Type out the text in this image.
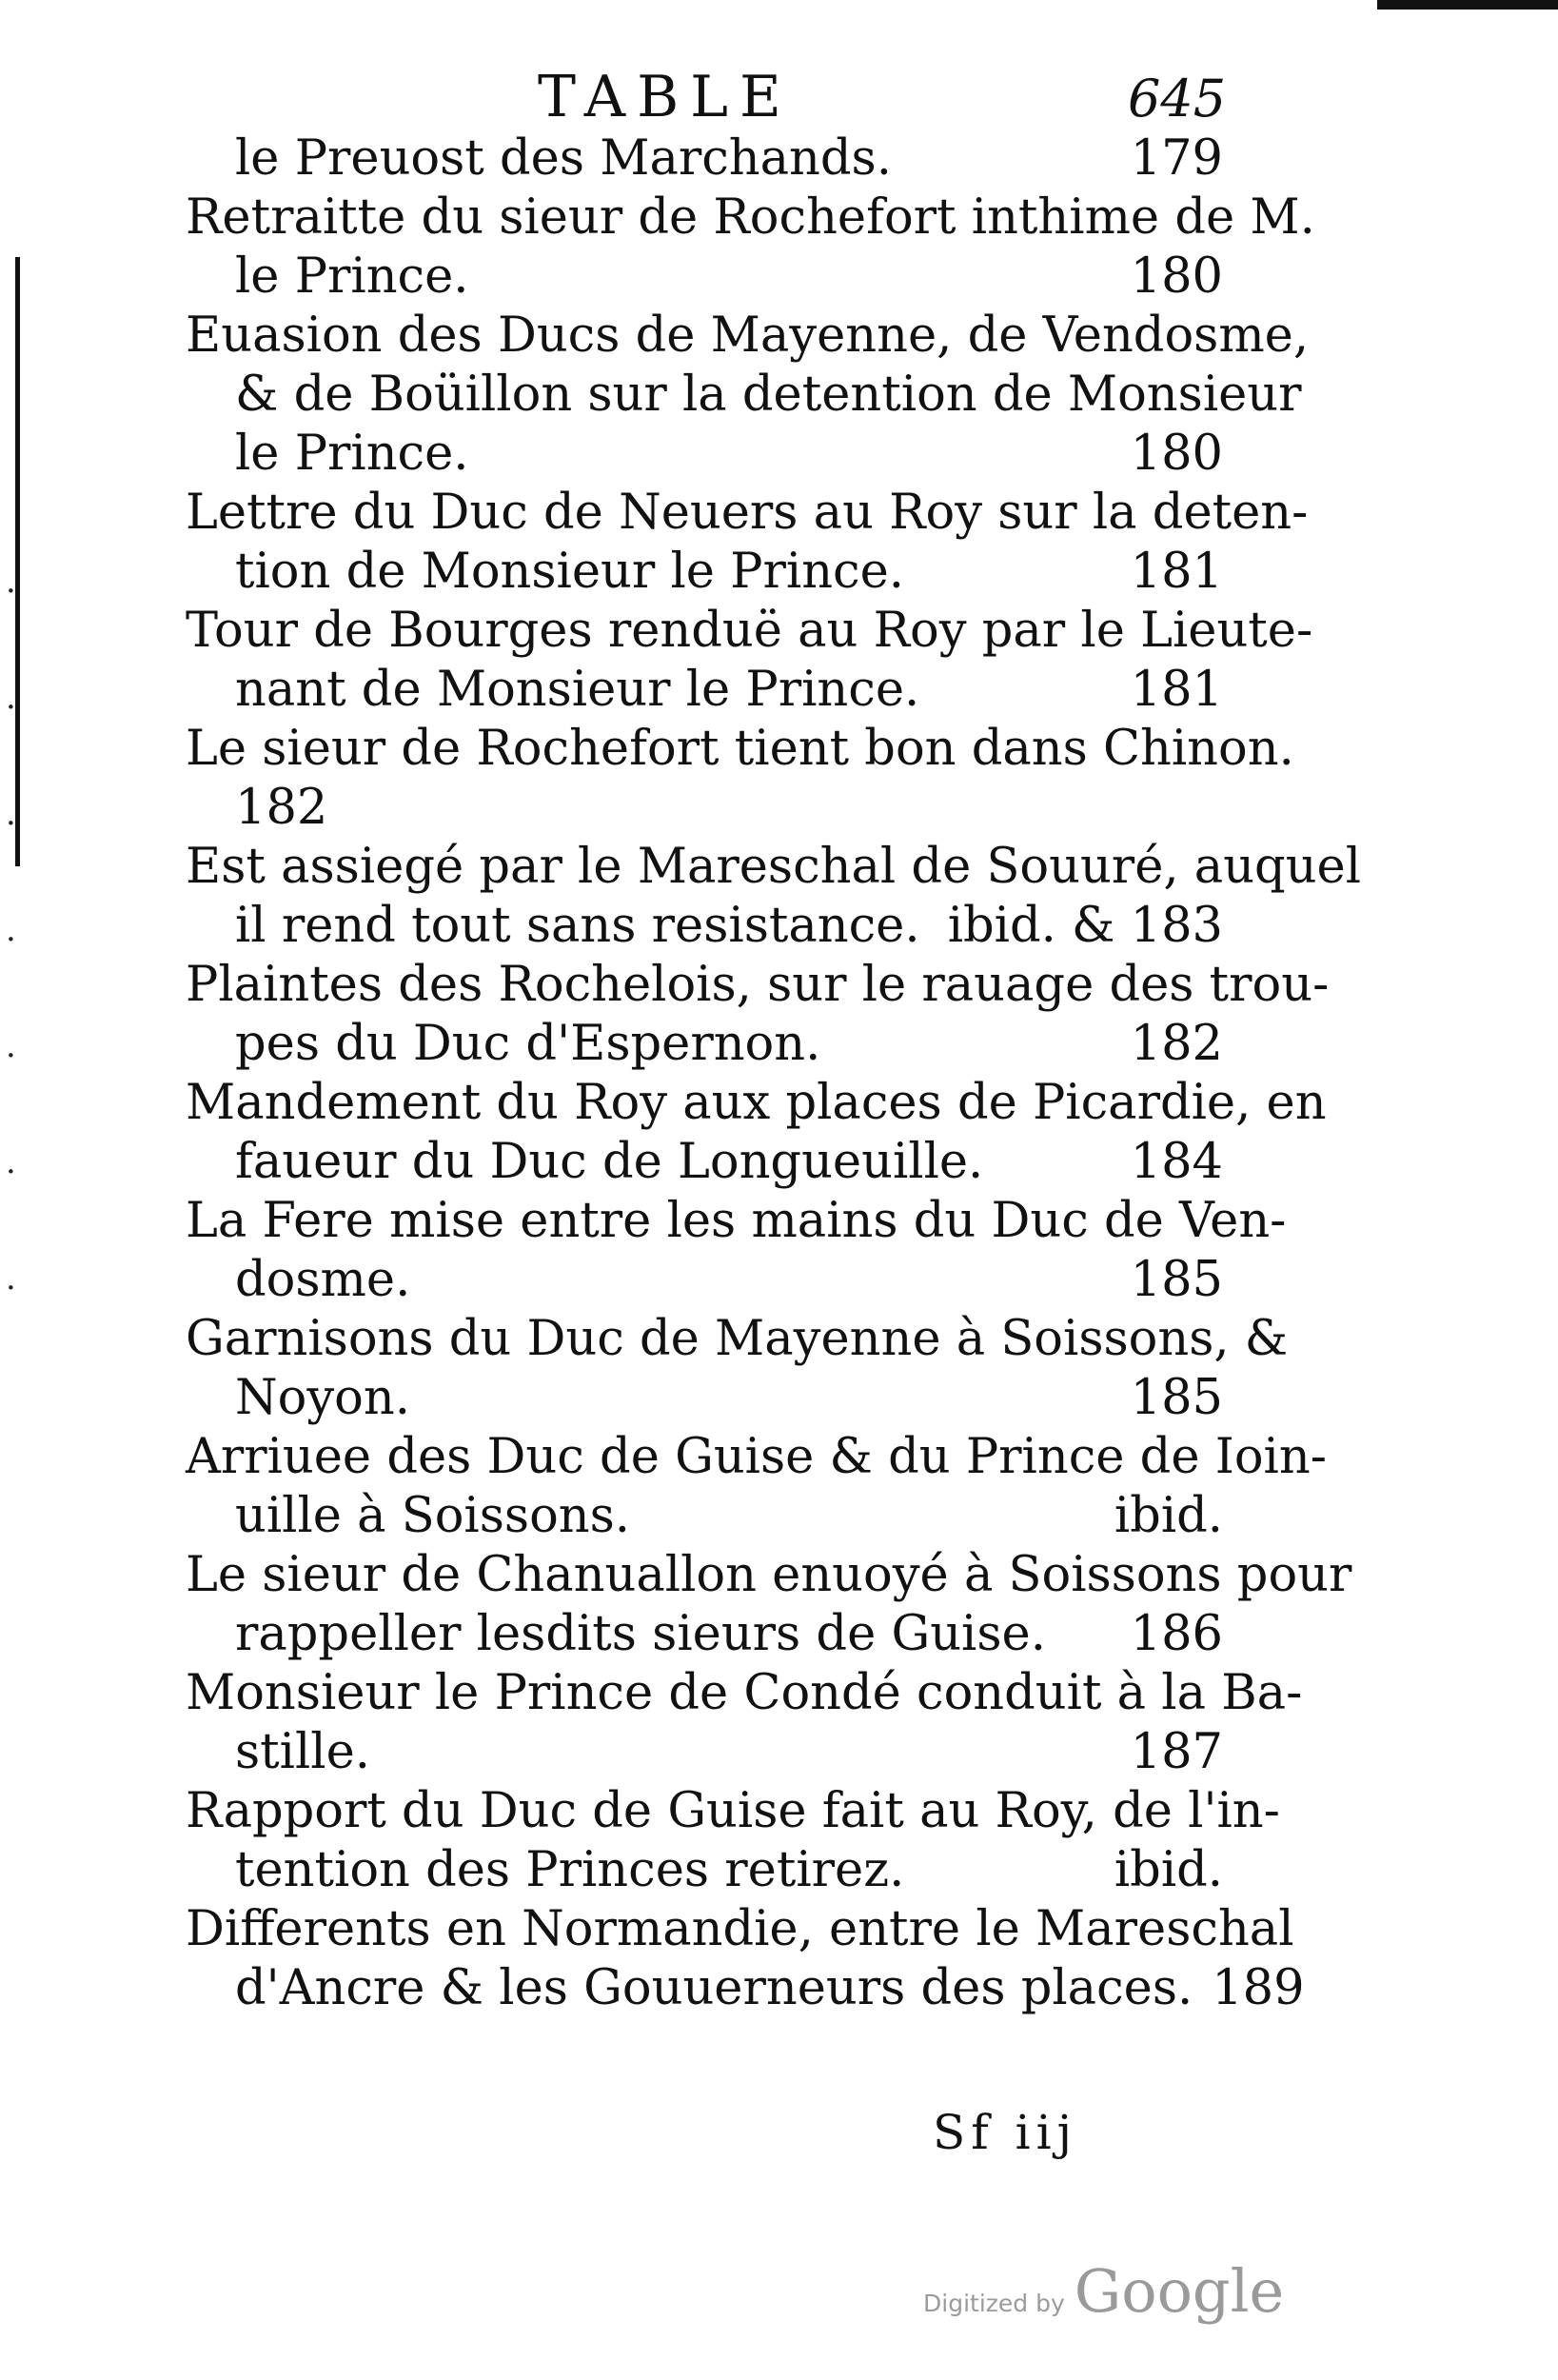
·
·
·
·
·
·
·
TABLE	645
le Preuost des Marchands.	179
Retraitte du sieur de Rochefort inthime de M.
le Prince.	180
Euasion des Ducs de Mayenne, de Vendosme,
& de Boüillon sur la detention de Monsieur
le Prince.	180
Lettre du Duc de Neuers au Roy sur la deten-
tion de Monsieur le Prince.	181
Tour de Bourges renduë au Roy par le Lieute-
nant de Monsieur le Prince.	181
Le sieur de Rochefort tient bon dans Chinon.
182
Est assiegé par le Mareschal de Souuré, auquel
il rend tout sans resistance. ibid. & 183
Plaintes des Rochelois, sur le rauage des trou-
pes du Duc d'Espernon.	182
Mandement du Roy aux places de Picardie, en
faueur du Duc de Longueuille.	184
La Fere mise entre les mains du Duc de Ven-
dosme.	185
Garnisons du Duc de Mayenne à Soissons, &
Noyon.	185
Arriuee des Duc de Guise & du Prince de Ioin-
uille à Soissons.	ibid.
Le sieur de Chanuallon enuoyé à Soissons pour
rappeller lesdits sieurs de Guise.	186
Monsieur le Prince de Condé conduit à la Ba-
stille.	187
Rapport du Duc de Guise fait au Roy, de l'in-
tention des Princes retirez.	ibid.
Differents en Normandie, entre le Mareschal
d'Ancre & les Gouuerneurs des places. 189
Sf iij
Digitized by Google
